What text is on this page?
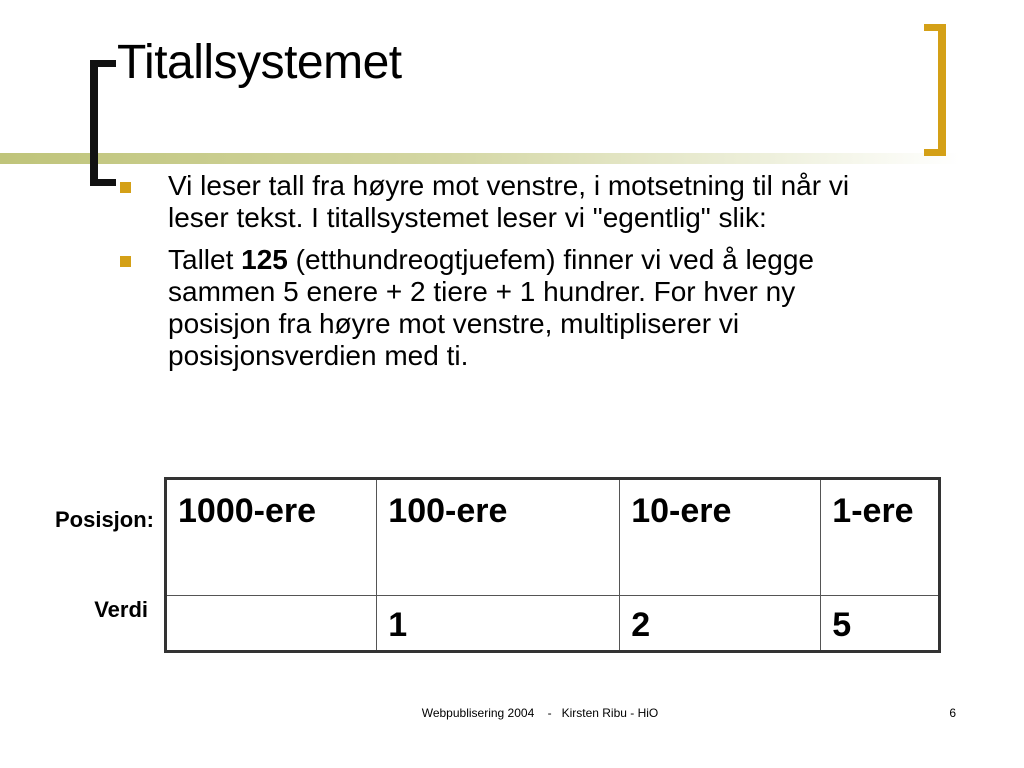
Titallsystemet
Vi leser tall fra høyre mot venstre, i motsetning til når vi leser tekst. I titallsystemet leser vi "egentlig" slik:
Tallet 125 (etthundreogtjuefem) finner vi ved å legge sammen 5 enere + 2 tiere + 1 hundrer. For hver ny posisjon fra høyre mot venstre, multipliserer vi posisjonsverdien med ti.
Posisjon:
Verdi
1000-ere	100-ere	10-ere	1-ere
	1	2	5
Webpublisering 2004    -   Kirsten Ribu - HiO	6
